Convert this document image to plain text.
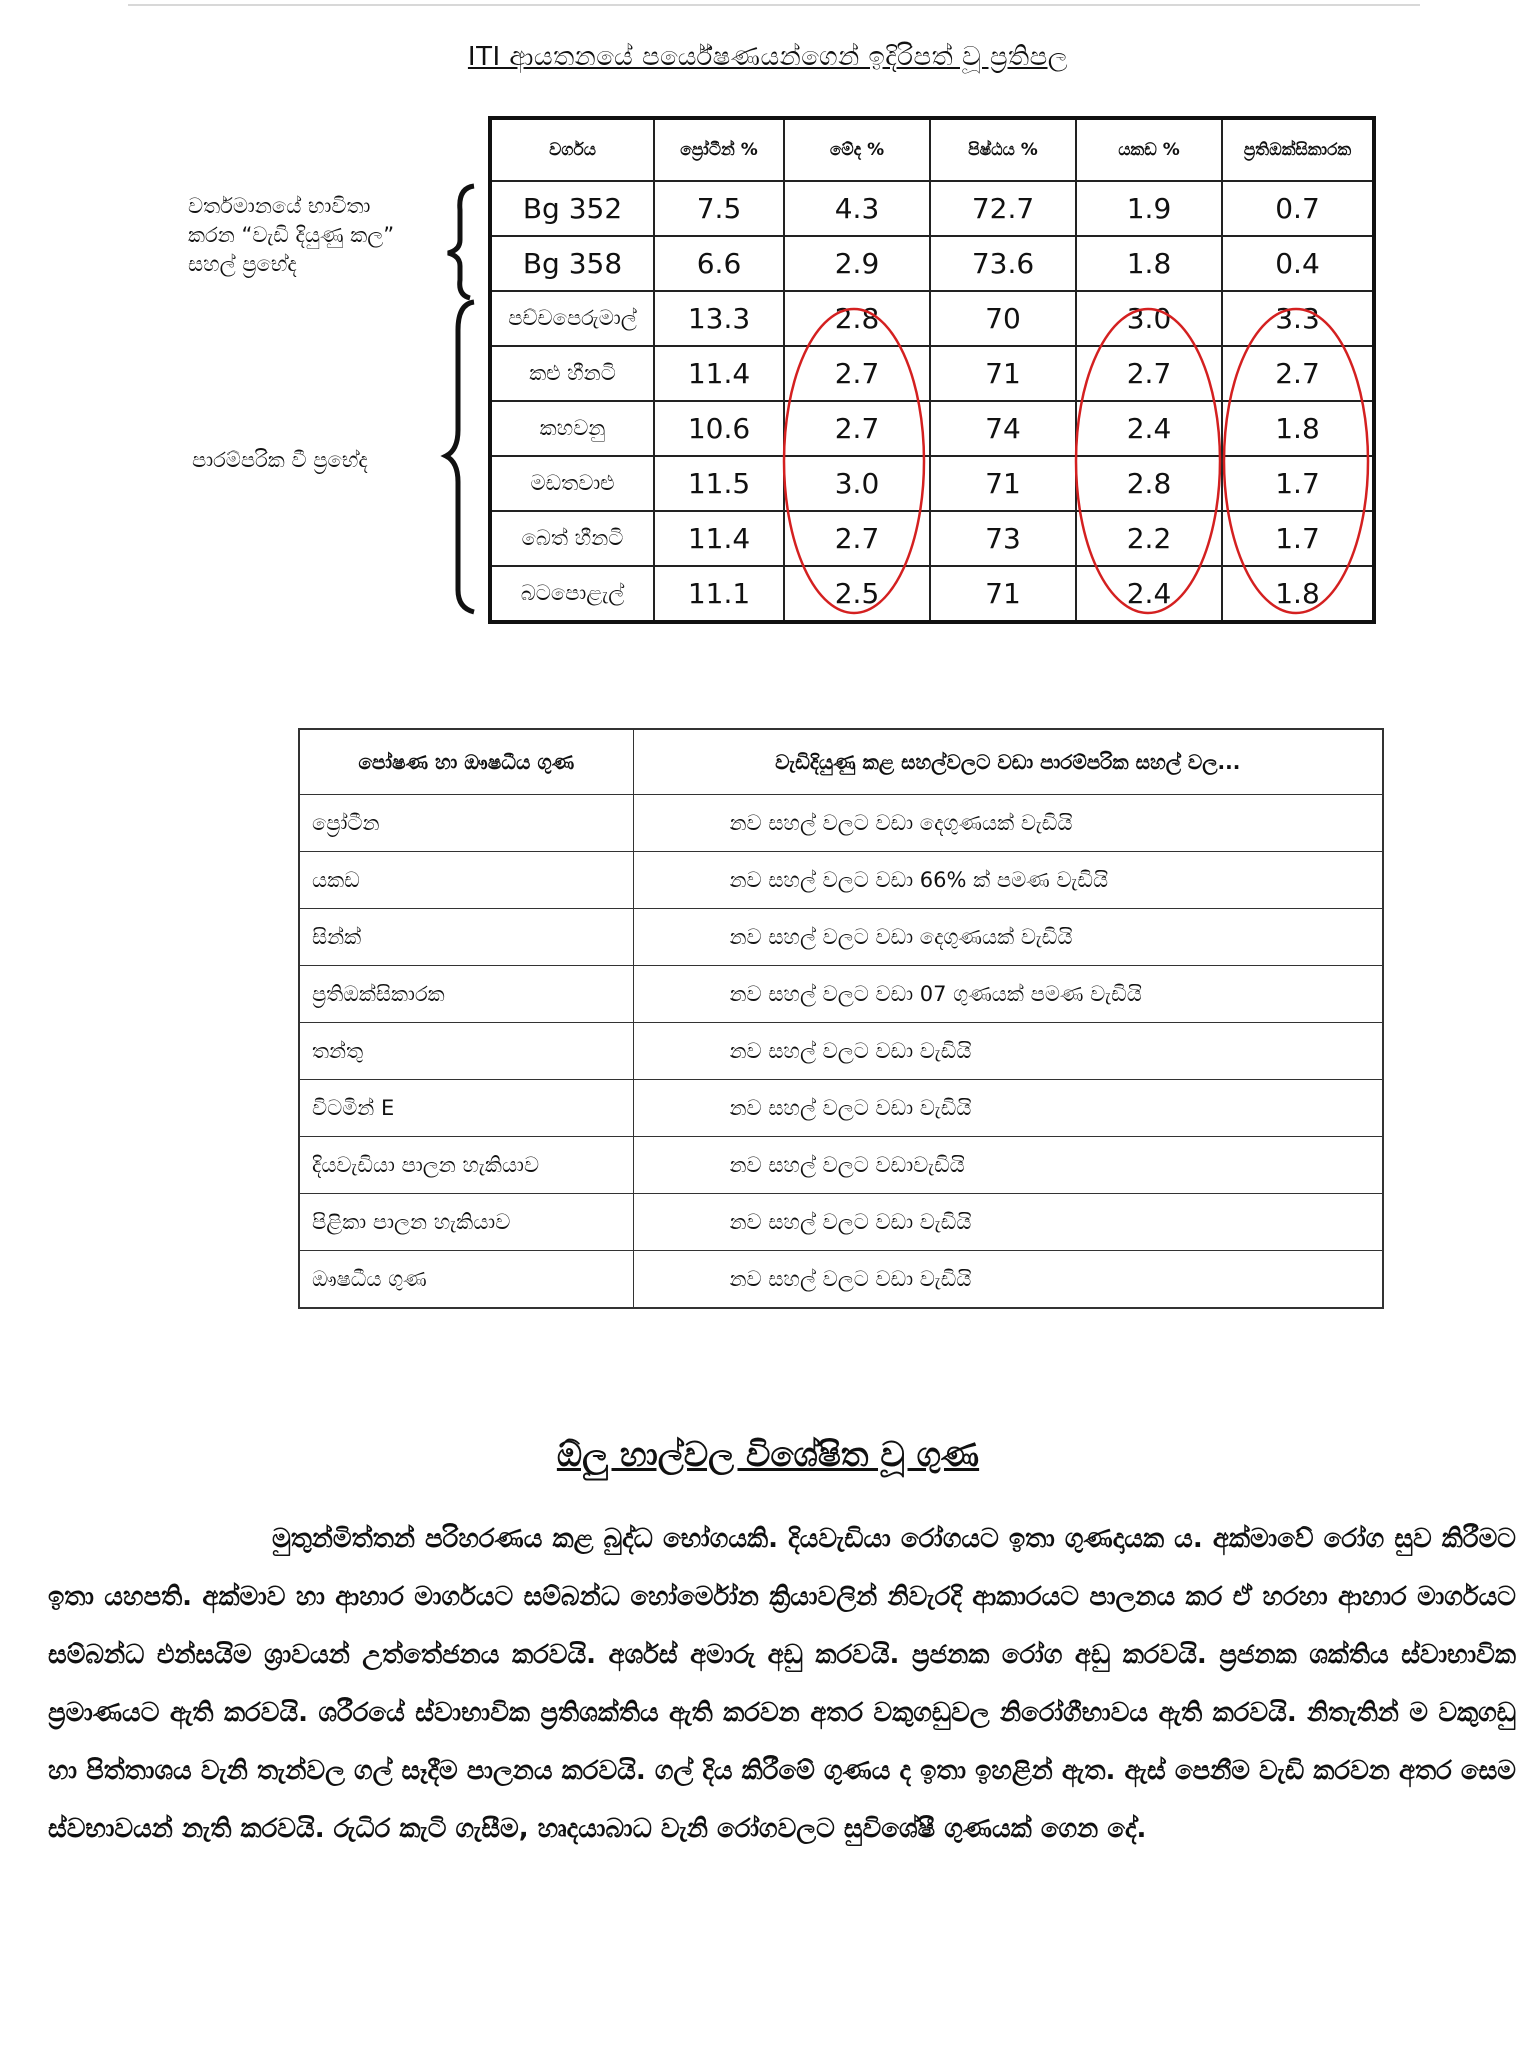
ITI ආයතනයේ පර්යේෂණයන්ගෙන් ඉදිරිපත් වූ ප්‍රතිපල
වර්තමානයේ භාවිතා
කරන “වැඩි දියුණු කල”
සහල් ප්‍රභේද
පාරම්පරික වී ප්‍රභේද
වර්ගය	ප්‍රෝටීන් %	මේද %	පිෂ්ඨය %	යකඩ %	ප්‍රතිඔක්සිකාරක
Bg 352	7.5	4.3	72.7	1.9	0.7
Bg 358	6.6	2.9	73.6	1.8	0.4
පච්චපෙරුමාල්	13.3	2.8	70	3.0	3.3
කළු හීනටි	11.4	2.7	71	2.7	2.7
කහවනු	10.6	2.7	74	2.4	1.8
මඩතවාළු	11.5	3.0	71	2.8	1.7
බෙත් හීනටි	11.4	2.7	73	2.2	1.7
බටපොළැල්	11.1	2.5	71	2.4	1.8
පෝෂණ හා ඖෂධීය ගුණ	වැඩිදියුණු කළ සහල්වලට වඩා පාරම්පරික සහල් වල...
ප්‍රෝටීන	නව සහල් වලට වඩා දෙගුණයක් වැඩියි
යකඩ	නව සහල් වලට වඩා 66% ක් පමණ වැඩියි
සින්ක්	නව සහල් වලට වඩා දෙගුණයක් වැඩියි
ප්‍රතිඔක්සිකාරක	නව සහල් වලට වඩා 07 ගුණයක් පමණ වැඩියි
තන්තු	නව සහල් වලට වඩා වැඩියි
විටමින් E	නව සහල් වලට වඩා වැඩියි
දියවැඩියා පාලන හැකියාව	නව සහල් වලට වඩාවැඩියි
පිළිකා පාලන හැකියාව	නව සහල් වලට වඩා වැඩියි
ඖෂධීය ගුණ	නව සහල් වලට වඩා වැඩියි
ඕලු හාල්වල විශේෂිත වූ ගුණ

මුතුන්මිත්තන් පරිහරණය කළ බුද්ධ භෝගයකි. දියවැඩියා රෝගයට ඉතා ගුණදායක ය. අක්මාවේ රෝග සුව කිරීමට ඉතා යහපති. අක්මාව හා ආහාර මාර්ගයට සම්බන්ධ හෝර්මෝන ක්‍රියාවලින් නිවැරදි ආකාරයට පාලනය කර ඒ හරහා ආහාර මාර්ගයට සම්බන්ධ එන්සයිම ශ්‍රාවයන් උත්තේජනය කරවයි. අර්ශස් අමාරු අඩු කරවයි. ප්‍රජනක රෝග අඩු කරවයි. ප්‍රජනක ශක්තිය ස්වාභාවික ප්‍රමාණයට ඇති කරවයි. ශරීරයේ ස්වාභාවික ප්‍රතිශක්තිය ඇති කරවන අතර වකුගඩුවල නිරෝගීභාවය ඇති කරවයි. නිතැතින් ම වකුගඩු හා පිත්තාශය වැනි තැන්වල ගල් සෑදීම පාලනය කරවයි. ගල් දිය කිරීමේ ගුණය ද ඉතා ඉහළින් ඇත. ඇස් පෙනීම වැඩි කරවන අතර සෙම ස්වභාවයන් නැති කරවයි. රුධිර කැටි ගැසීම, හෘදයාබාධ වැනි රෝගවලට සුවිශේෂී ගුණයක් ගෙන දේ.
